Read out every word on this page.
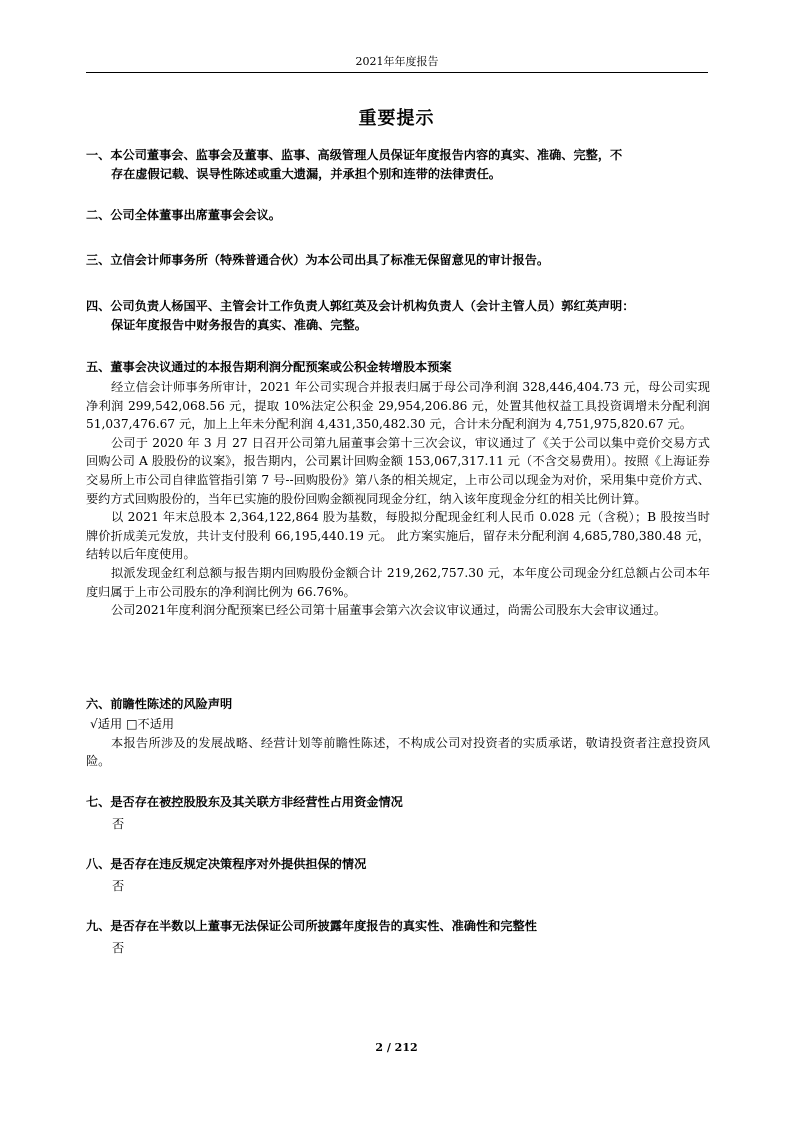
2021年年度报告
重要提示
一、本公司董事会、监事会及董事、监事、高级管理人员保证年度报告内容的真实、准确、完整，不
存在虚假记载、误导性陈述或重大遗漏，并承担个别和连带的法律责任。
二、公司全体董事出席董事会会议。
三、立信会计师事务所（特殊普通合伙）为本公司出具了标准无保留意见的审计报告。
四、公司负责人杨国平、主管会计工作负责人郭红英及会计机构负责人（会计主管人员）郭红英声明：
保证年度报告中财务报告的真实、准确、完整。
五、董事会决议通过的本报告期利润分配预案或公积金转增股本预案

经立信会计师事务所审计，2021 年公司实现合并报表归属于母公司净利润 328,446,404.73 元，母公司实现净利润 299,542,068.56 元，提取 10%法定公积金 29,954,206.86 元，处置其他权益工具投资调增未分配利润 51,037,476.67 元，加上上年未分配利润 4,431,350,482.30 元，合计未分配利润为 4,751,975,820.67 元。

公司于 2020 年 3 月 27 日召开公司第九届董事会第十三次会议，审议通过了《关于公司以集中竞价交易方式回购公司 A 股股份的议案》，报告期内，公司累计回购金额 153,067,317.11 元（不含交易费用）。按照《上海证券交易所上市公司自律监管指引第 7 号--回购股份》第八条的相关规定，上市公司以现金为对价，采用集中竞价方式、要约方式回购股份的，当年已实施的股份回购金额视同现金分红，纳入该年度现金分红的相关比例计算。

以 2021 年末总股本 2,364,122,864 股为基数，每股拟分配现金红利人民币 0.028 元（含税）；B 股按当时牌价折成美元发放，共计支付股利 66,195,440.19 元。 此方案实施后，留存未分配利润 4,685,780,380.48 元，结转以后年度使用。

拟派发现金红利总额与报告期内回购股份金额合计 219,262,757.30 元，本年度公司现金分红总额占公司本年度归属于上市公司股东的净利润比例为 66.76%。

公司2021年度利润分配预案已经公司第十届董事会第六次会议审议通过，尚需公司股东大会审议通过。

六、前瞻性陈述的风险声明

√适用 □不适用

本报告所涉及的发展战略、经营计划等前瞻性陈述，不构成公司对投资者的实质承诺，敬请投资者注意投资风险。

七、是否存在被控股股东及其关联方非经营性占用资金情况
否
八、是否存在违反规定决策程序对外提供担保的情况
否
九、是否存在半数以上董事无法保证公司所披露年度报告的真实性、准确性和完整性
否
2 / 212
